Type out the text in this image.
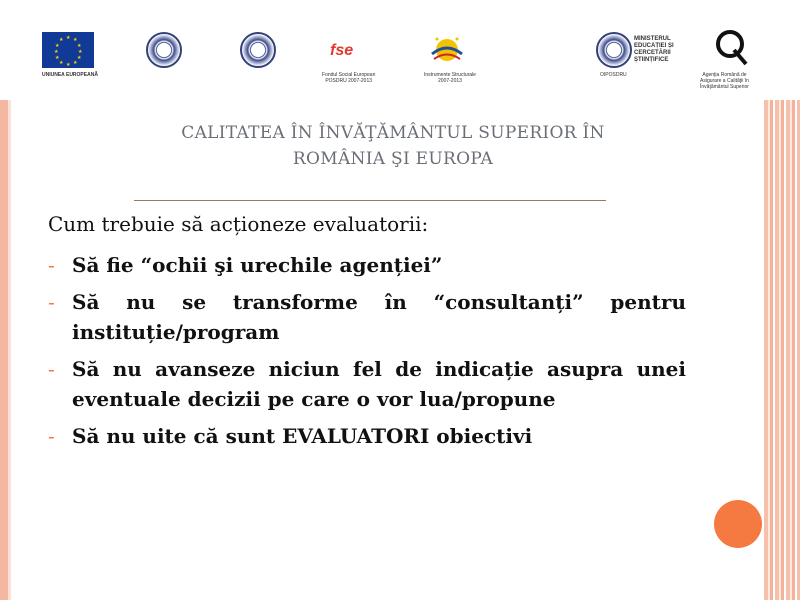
★ ★
★
★
★
★
★
★
★
★
★
★
UNIUNEA EUROPEANĂ
fse
Fondul Social European
POSDRU 2007-2013
Instrumente Structurale
2007-2013
MINISTERUL
EDUCAȚIEI ȘI
CERCETĂRII
ȘTIINȚIFICE
OIPOSDRU	Agenţia Română de
Asigurare a Calităţii în
Învăţământul Superior
CALITATEA ÎN ÎNVĂŢĂMÂNTUL SUPERIOR ÎN
ROMÂNIA ŞI EUROPA
Cum trebuie să acționeze evaluatorii:
- Să fie “ochii şi urechile agenției”
- Să nu se transforme în “consultanți” pentru instituție/program
- Să nu avanseze niciun fel de indicație asupra unei eventuale decizii pe care o vor lua/propune
- Să nu uite că sunt EVALUATORI obiectivi
